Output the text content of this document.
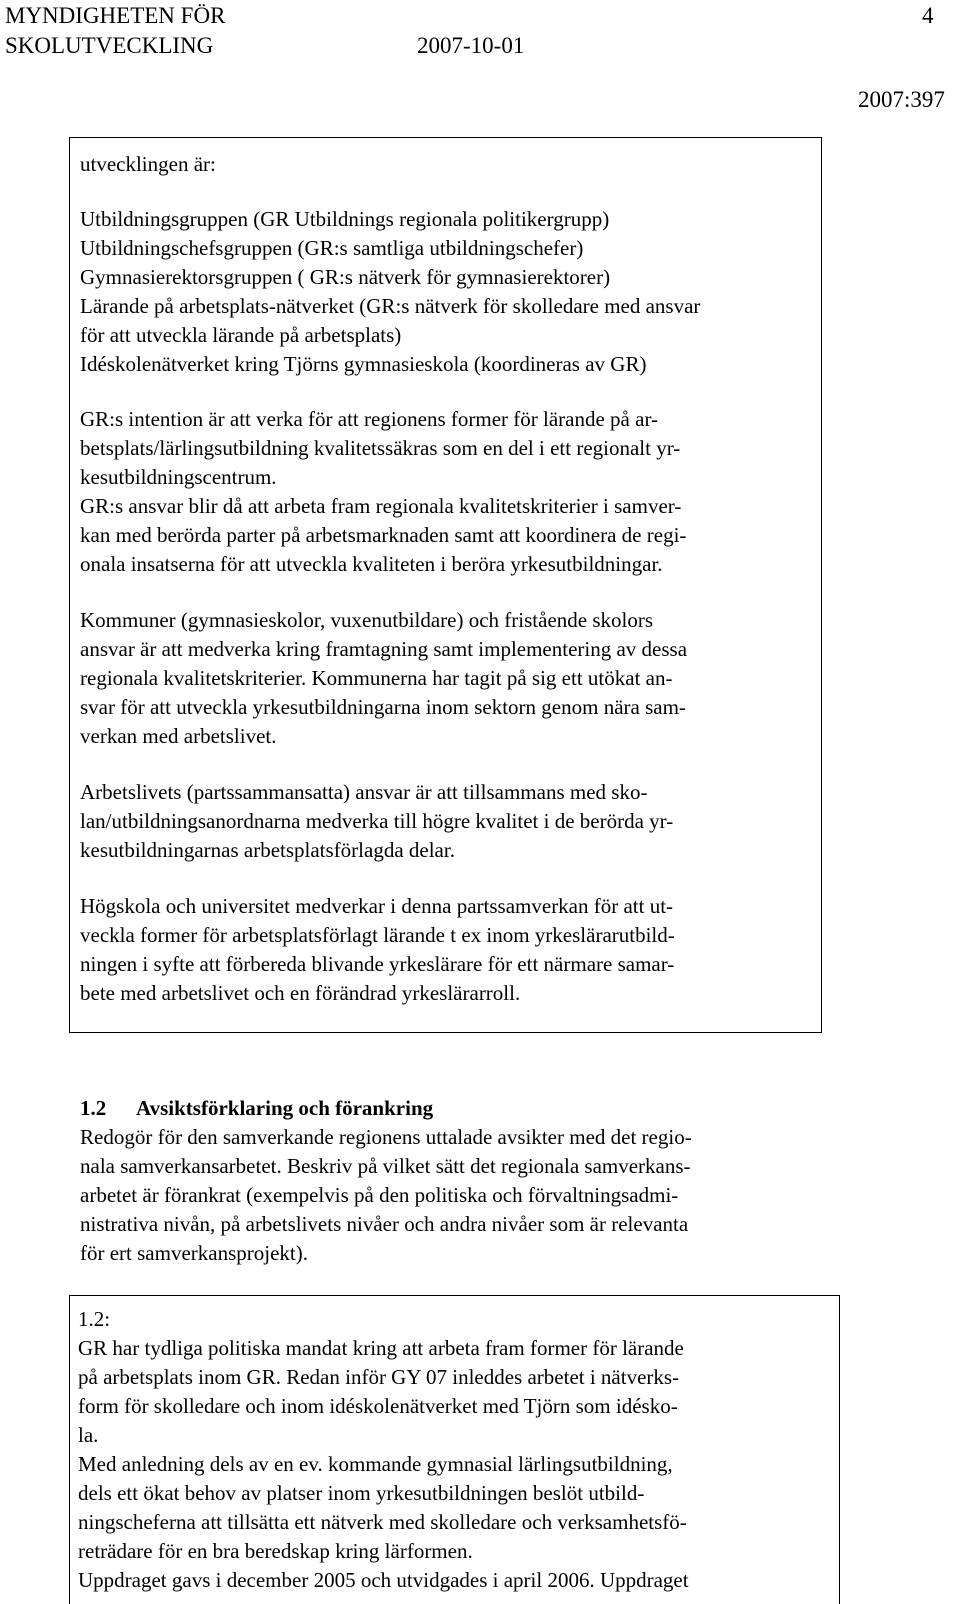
MYNDIGHETEN FÖR
SKOLUTVECKLING	2007-10-01
4
2007:397
utvecklingen är:
Utbildningsgruppen (GR Utbildnings regionala politikergrupp)
Utbildningschefsgruppen (GR:s samtliga utbildningschefer)
Gymnasierektorsgruppen ( GR:s nätverk för gymnasierektorer)
Lärande på arbetsplats-nätverket (GR:s nätverk för skolledare med ansvar
för att utveckla lärande på arbetsplats)
Idéskolenätverket kring Tjörns gymnasieskola (koordineras av GR)
GR:s intention är att verka för att regionens former för lärande på ar-
betsplats/lärlingsutbildning kvalitetssäkras som en del i ett regionalt yr-
kesutbildningscentrum.
GR:s ansvar blir då att arbeta fram regionala kvalitetskriterier i samver-
kan med berörda parter på arbetsmarknaden samt att koordinera de regi-
onala insatserna för att utveckla kvaliteten i beröra yrkesutbildningar.
Kommuner (gymnasieskolor, vuxenutbildare) och fristående skolors
ansvar är att medverka kring framtagning samt implementering av dessa
regionala kvalitetskriterier. Kommunerna har tagit på sig ett utökat an-
svar för att utveckla yrkesutbildningarna inom sektorn genom nära sam-
verkan med arbetslivet.
Arbetslivets (partssammansatta) ansvar är att tillsammans med sko-
lan/utbildningsanordnarna medverka till högre kvalitet i de berörda yr-
kesutbildningarnas arbetsplatsförlagda delar.
Högskola och universitet medverkar i denna partssamverkan för att ut-
veckla former för arbetsplatsförlagt lärande t ex inom yrkeslärarutbild-
ningen i syfte att förbereda blivande yrkeslärare för ett närmare samar-
bete med arbetslivet och en förändrad yrkeslärarroll.
1.2 Avsiktsförklaring och förankring
Redogör för den samverkande regionens uttalade avsikter med det regio-
nala samverkansarbetet. Beskriv på vilket sätt det regionala samverkans-
arbetet är förankrat (exempelvis på den politiska och förvaltningsadmi-
nistrativa nivån, på arbetslivets nivåer och andra nivåer som är relevanta
för ert samverkansprojekt).
1.2:
GR har tydliga politiska mandat kring att arbeta fram former för lärande
på arbetsplats inom GR. Redan inför GY 07 inleddes arbetet i nätverks-
form för skolledare och inom idéskolenätverket med Tjörn som idésko-
la.
Med anledning dels av en ev. kommande gymnasial lärlingsutbildning,
dels ett ökat behov av platser inom yrkesutbildningen beslöt utbild-
ningscheferna att tillsätta ett nätverk med skolledare och verksamhetsfö-
reträdare för en bra beredskap kring lärformen.
Uppdraget gavs i december 2005 och utvidgades i april 2006. Uppdraget
